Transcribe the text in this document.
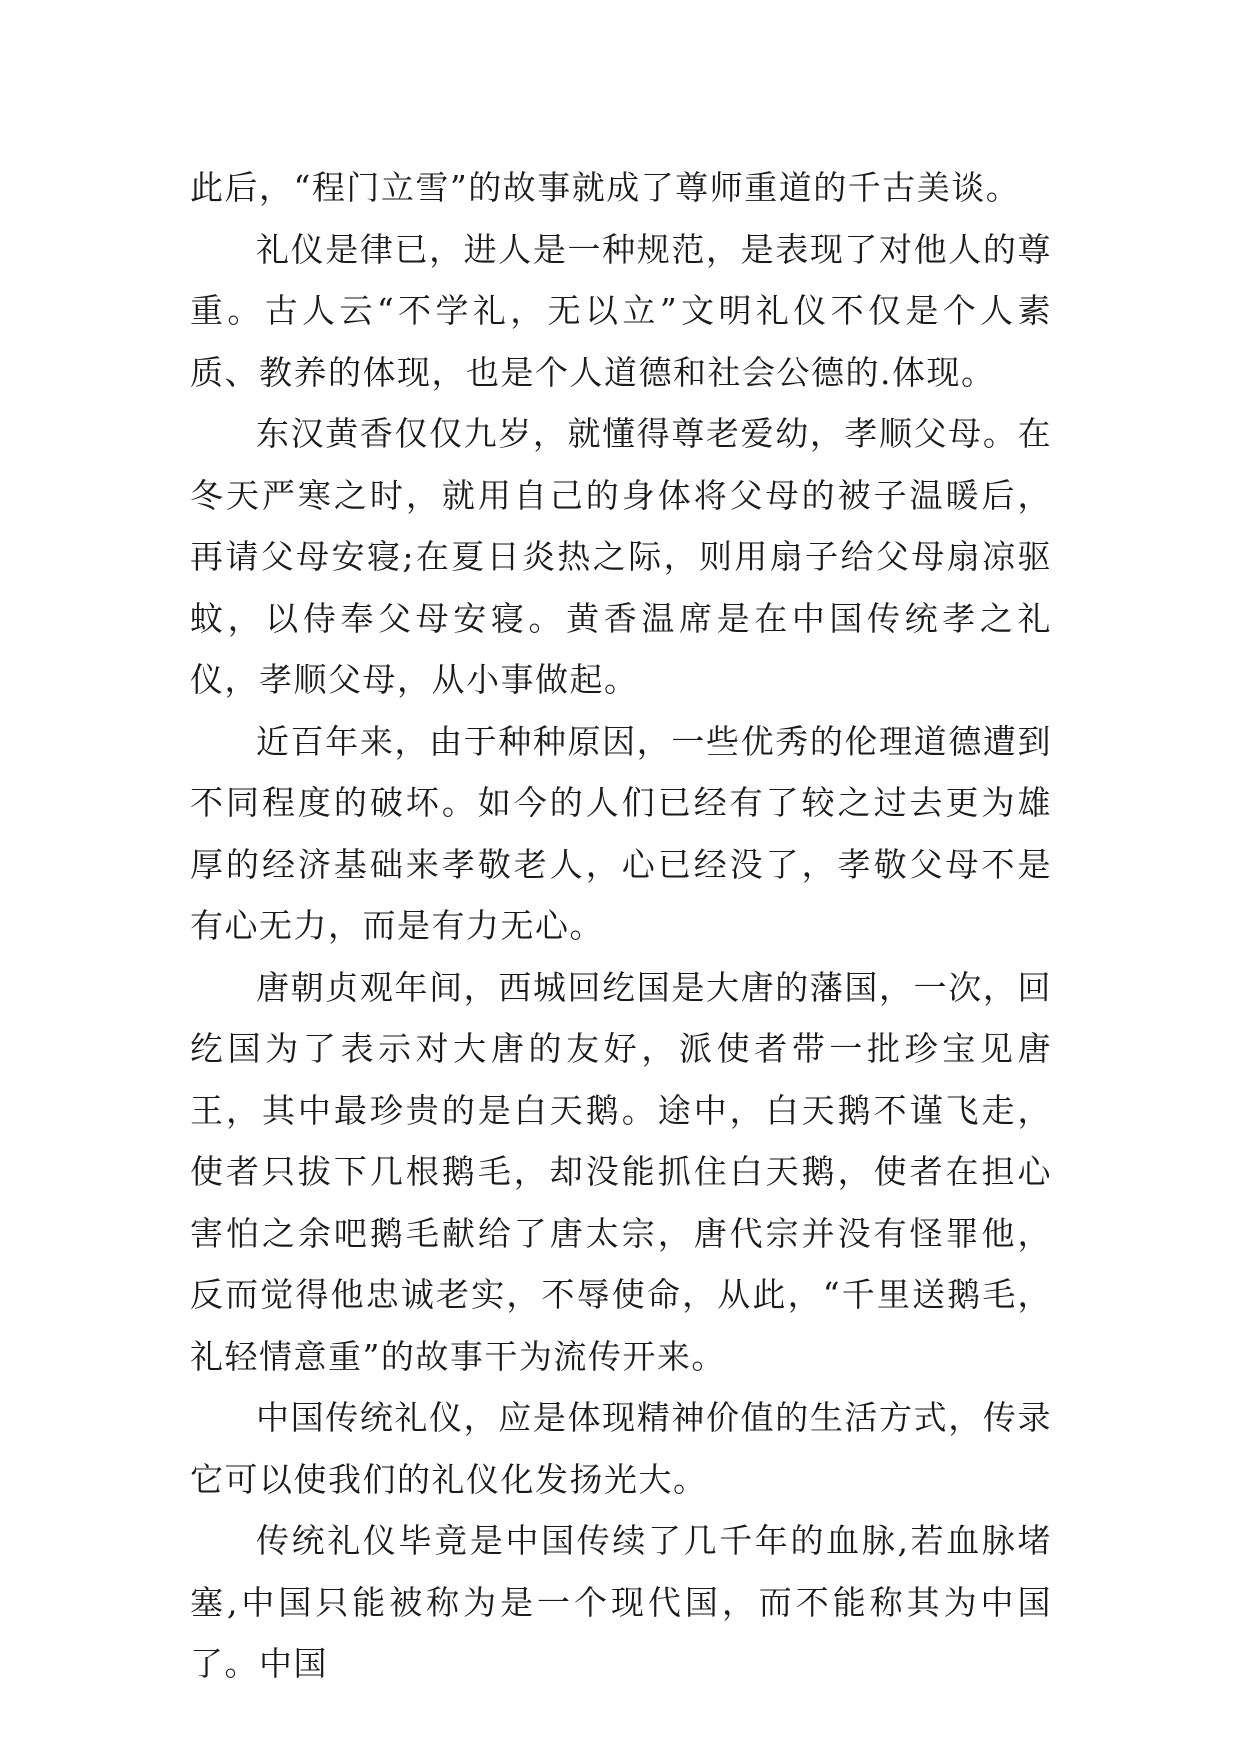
此后，“程门立雪”的故事就成了尊师重道的千古美谈。

礼仪是律已，进人是一种规范，是表现了对他人的尊重。古人云“不学礼，无以立”文明礼仪不仅是个人素质、教养的体现，也是个人道德和社会公德的.体现。

东汉黄香仅仅九岁，就懂得尊老爱幼，孝顺父母。在冬天严寒之时，就用自己的身体将父母的被子温暖后，再请父母安寝;在夏日炎热之际，则用扇子给父母扇凉驱蚊，以侍奉父母安寝。黄香温席是在中国传统孝之礼仪，孝顺父母，从小事做起。

近百年来，由于种种原因，一些优秀的伦理道德遭到不同程度的破坏。如今的人们已经有了较之过去更为雄厚的经济基础来孝敬老人，心已经没了，孝敬父母不是有心无力，而是有力无心。

唐朝贞观年间，西城回纥国是大唐的藩国，一次，回纥国为了表示对大唐的友好，派使者带一批珍宝见唐王，其中最珍贵的是白天鹅。途中，白天鹅不谨飞走，使者只拔下几根鹅毛，却没能抓住白天鹅，使者在担心害怕之余吧鹅毛献给了唐太宗，唐代宗并没有怪罪他，反而觉得他忠诚老实，不辱使命，从此，“千里送鹅毛，礼轻情意重”的故事干为流传开来。

中国传统礼仪，应是体现精神价值的生活方式，传录它可以使我们的礼仪化发扬光大。

传统礼仪毕竟是中国传续了几千年的血脉,若血脉堵塞,中国只能被称为是一个现代国，而不能称其为中国了。中国
